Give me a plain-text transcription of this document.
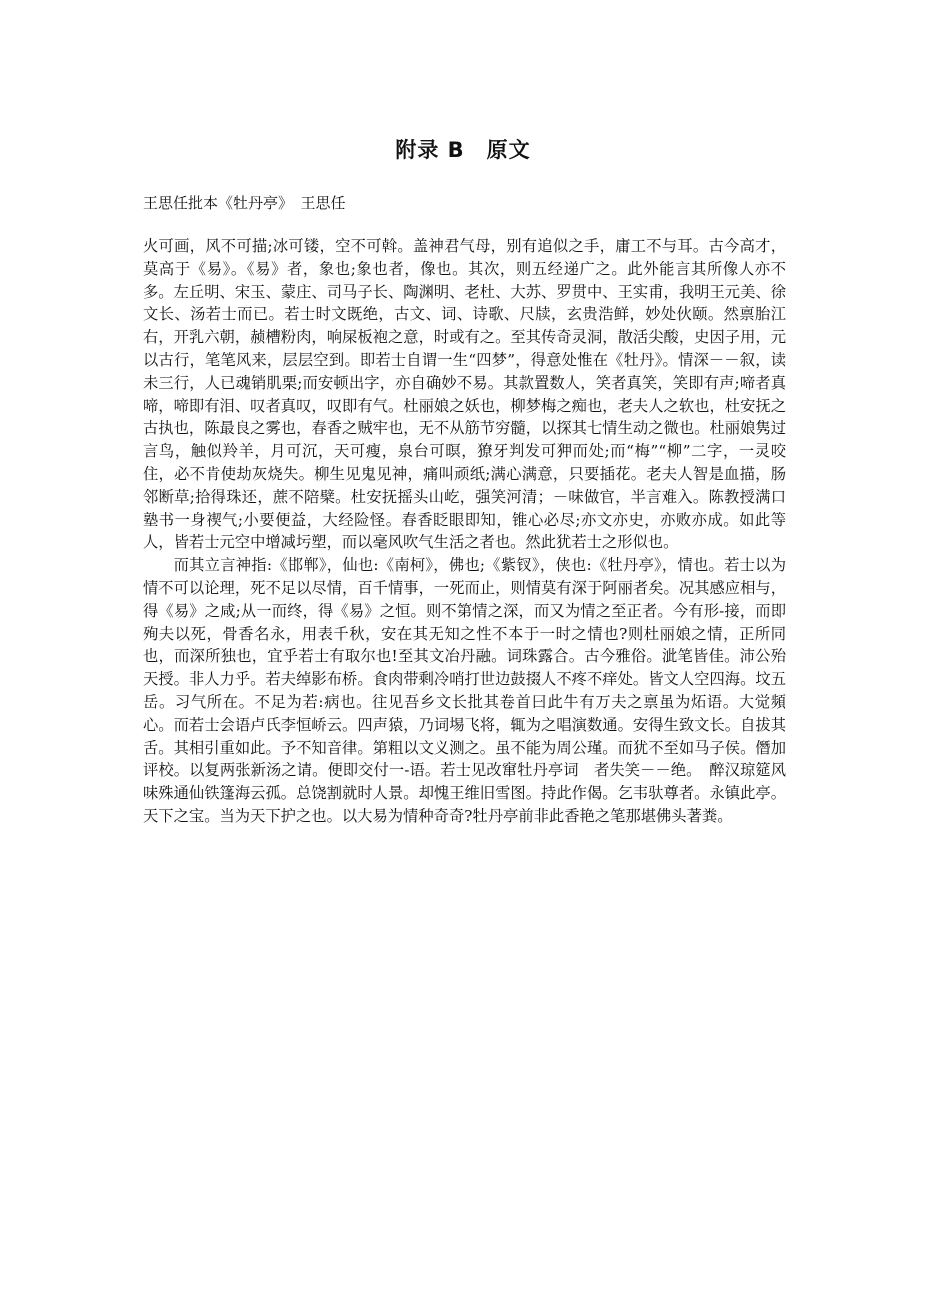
附录 B　原文

王思任批本《牡丹亭》　王思任

火可画，风不可描;冰可镂，空不可斡。盖神君气母，别有追似之手，庸工不与耳。古今高才，莫高于《易》。《易》者，象也;象也者，像也。其次，则五经递广之。此外能言其所像人亦不多。左丘明、宋玉、蒙庄、司马子长、陶渊明、老杜、大苏、罗贯中、王实甫，我明王元美、徐文长、汤若士而已。若士时文既绝，古文、词、诗歌、尺牍，玄贵浩鲜，妙处伙颐。然禀胎江右，开乳六朝，赪槽粉肉，响屎板袍之意，时或有之。至其传奇灵洞，散活尖酸，史因子用，元以古行，笔笔风来，层层空到。即若士自谓一生“四梦”，得意处惟在《牡丹》。情深－－叙，读未三行，人已魂销肌栗;而安顿出字，亦自确妙不易。其款置数人，笑者真笑，笑即有声;啼者真啼，啼即有泪、叹者真叹，叹即有气。杜丽娘之妖也，柳梦梅之痴也，老夫人之软也，杜安抚之古执也，陈最良之雾也，春香之贼牢也，无不从筋节穷髓，以探其七情生动之微也。杜丽娘隽过言鸟，触似羚羊，月可沉，天可瘦，泉台可暝，獠牙判发可狎而处;而“梅”“柳”二字，一灵咬住，必不肯使劫灰烧失。柳生见鬼见神，痛叫顽纸;满心满意，只要插花。老夫人智是血描，肠邻断草;拾得珠还，蔗不陪檗。杜安抚摇头山屹，强笑河清；－味做官，半言难入。陈教授满口塾书一身禊气;小要便益，大经险怪。春香眨眼即知，锥心必尽;亦文亦史，亦败亦成。如此等人，皆若士元空中增减圬塑，而以毫风吹气生活之者也。然此犹若士之形似也。

而其立言神指:《邯郸》，仙也:《南柯》，佛也;《紫钗》，侠也:《牡丹亭》，情也。若士以为情不可以论理，死不足以尽情，百千情事，一死而止，则情莫有深于阿丽者矣。况其感应相与，得《易》之咸;从一而终，得《易》之恒。则不第情之深，而又为情之至正者。今有形-接，而即殉夫以死，骨香名永，用表千秋，安在其无知之性不本于一时之情也?则杜丽娘之情，正所同也，而深所独也，宜乎若士有取尔也!至其文冶丹融。词珠露合。古今雅俗。泚笔皆佳。沛公殆天授。非人力乎。若夫绰影布桥。食肉带剩冷哨打世边鼓掇人不疼不痒处。皆文人空四海。坟五岳。习气所在。不足为若:病也。往见吾乡文长批其卷首曰此牛有万夫之禀虽为炻语。大觉頻心。而若士会语卢氏李恒峤云。四声猿，乃词埸飞将，辄为之唱演数通。安得生致文长。自拔其舌。其相引重如此。予不知音律。第粗以文义测之。虽不能为周公瑾。而犹不至如马子侯。僭加评校。以复两张新汤之请。便即交付一-语。若士见改窜牡丹亭词　者失笑－－绝。　醉汉琼筵风味殊通仙铁篷海云孤。总饶割就时人景。却愧王维旧雪图。持此作偈。乞韦驮尊者。永镇此亭。天下之宝。当为天下护之也。以大易为情种奇奇?牡丹亭前非此香艳之笔那堪佛头著粪。
